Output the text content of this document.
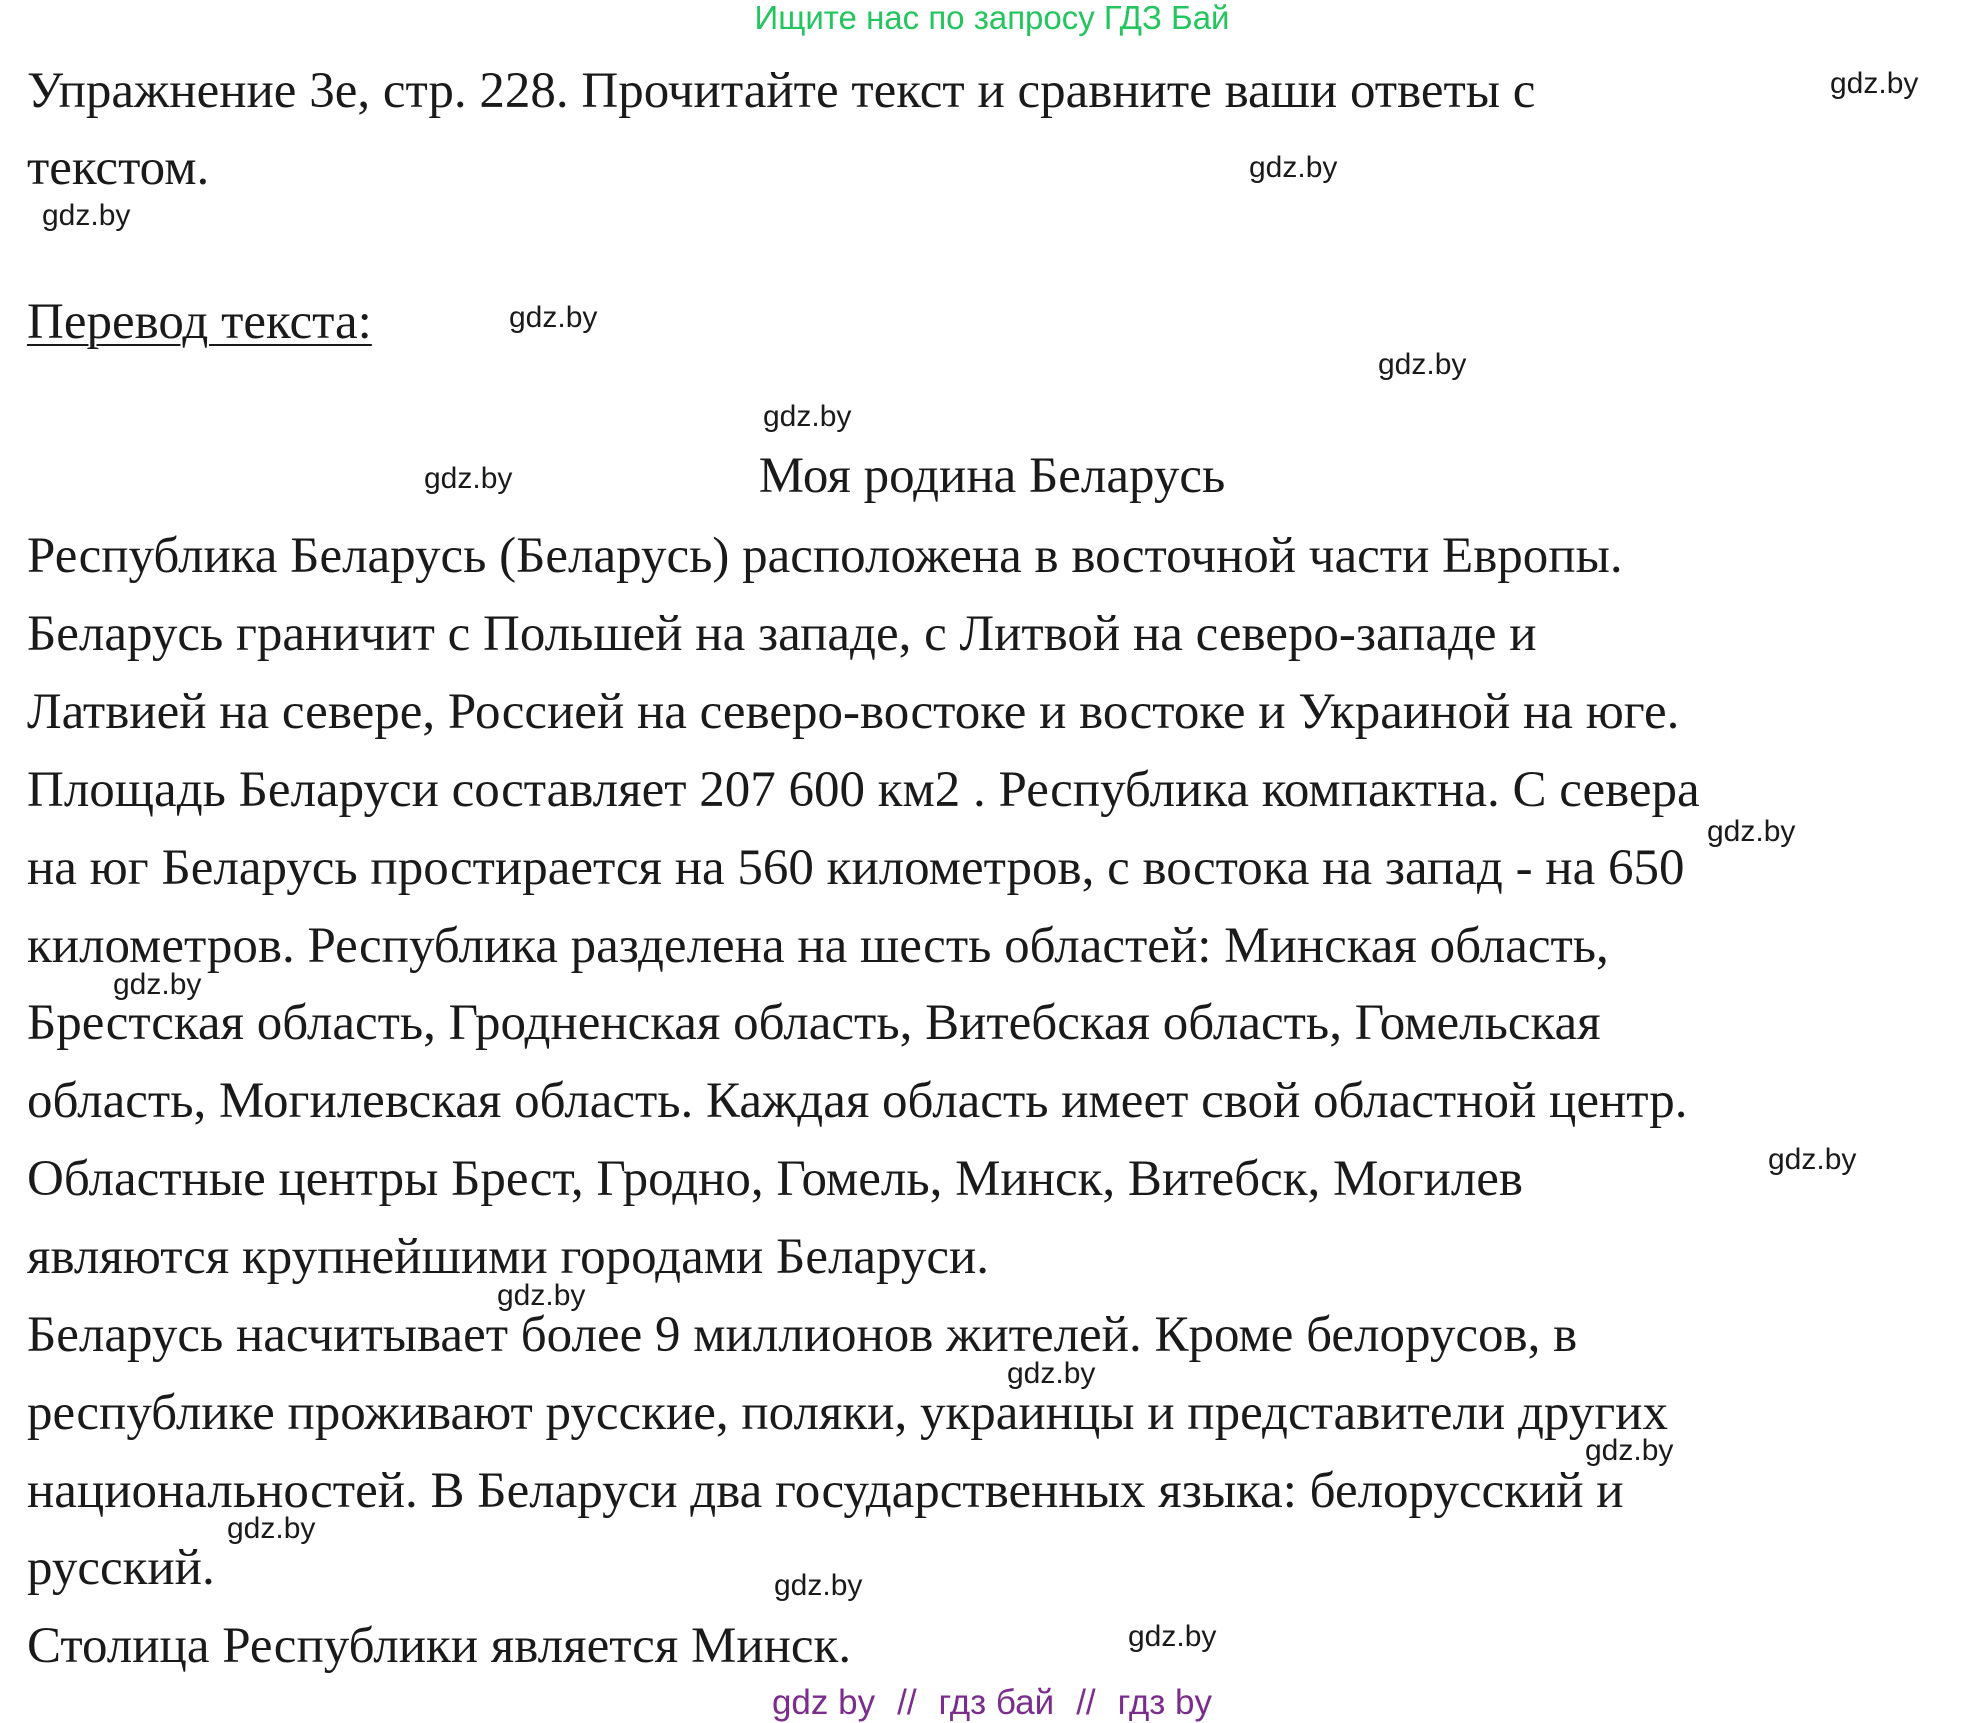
Ищите нас по запросу ГДЗ Бай

Упражнение 3е, стр. 228. Прочитайте текст и сравните ваши ответы с

текстом.

Перевод текста:

Моя родина Беларусь

Республика Беларусь (Беларусь) расположена в восточной части Европы.

Беларусь граничит с Польшей на западе, с Литвой на северо-западе и

Латвией на севере, Россией на северо-востоке и востоке и Украиной на юге.

Площадь Беларуси составляет 207 600 км2 . Республика компактна. С севера

на юг Беларусь простирается на 560 километров, с востока на запад - на 650

километров. Республика разделена на шесть областей: Минская область,

Брестская область, Гродненская область, Витебская область, Гомельская

область, Могилевская область. Каждая область имеет свой областной центр.

Областные центры Брест, Гродно, Гомель, Минск, Витебск, Могилев

являются крупнейшими городами Беларуси.

Беларусь насчитывает более 9 миллионов жителей. Кроме белорусов, в

республике проживают русские, поляки, украинцы и представители других

национальностей. В Беларуси два государственных языка: белорусский и

русский.

Столица Республики является Минск.

gdz.by
gdz.by
gdz.by
gdz.by
gdz.by
gdz.by
gdz.by
gdz.by
gdz.by
gdz.by
gdz.by
gdz.by
gdz.by
gdz.by
gdz.by
gdz.by
gdz by // гдз бай // гдз by
